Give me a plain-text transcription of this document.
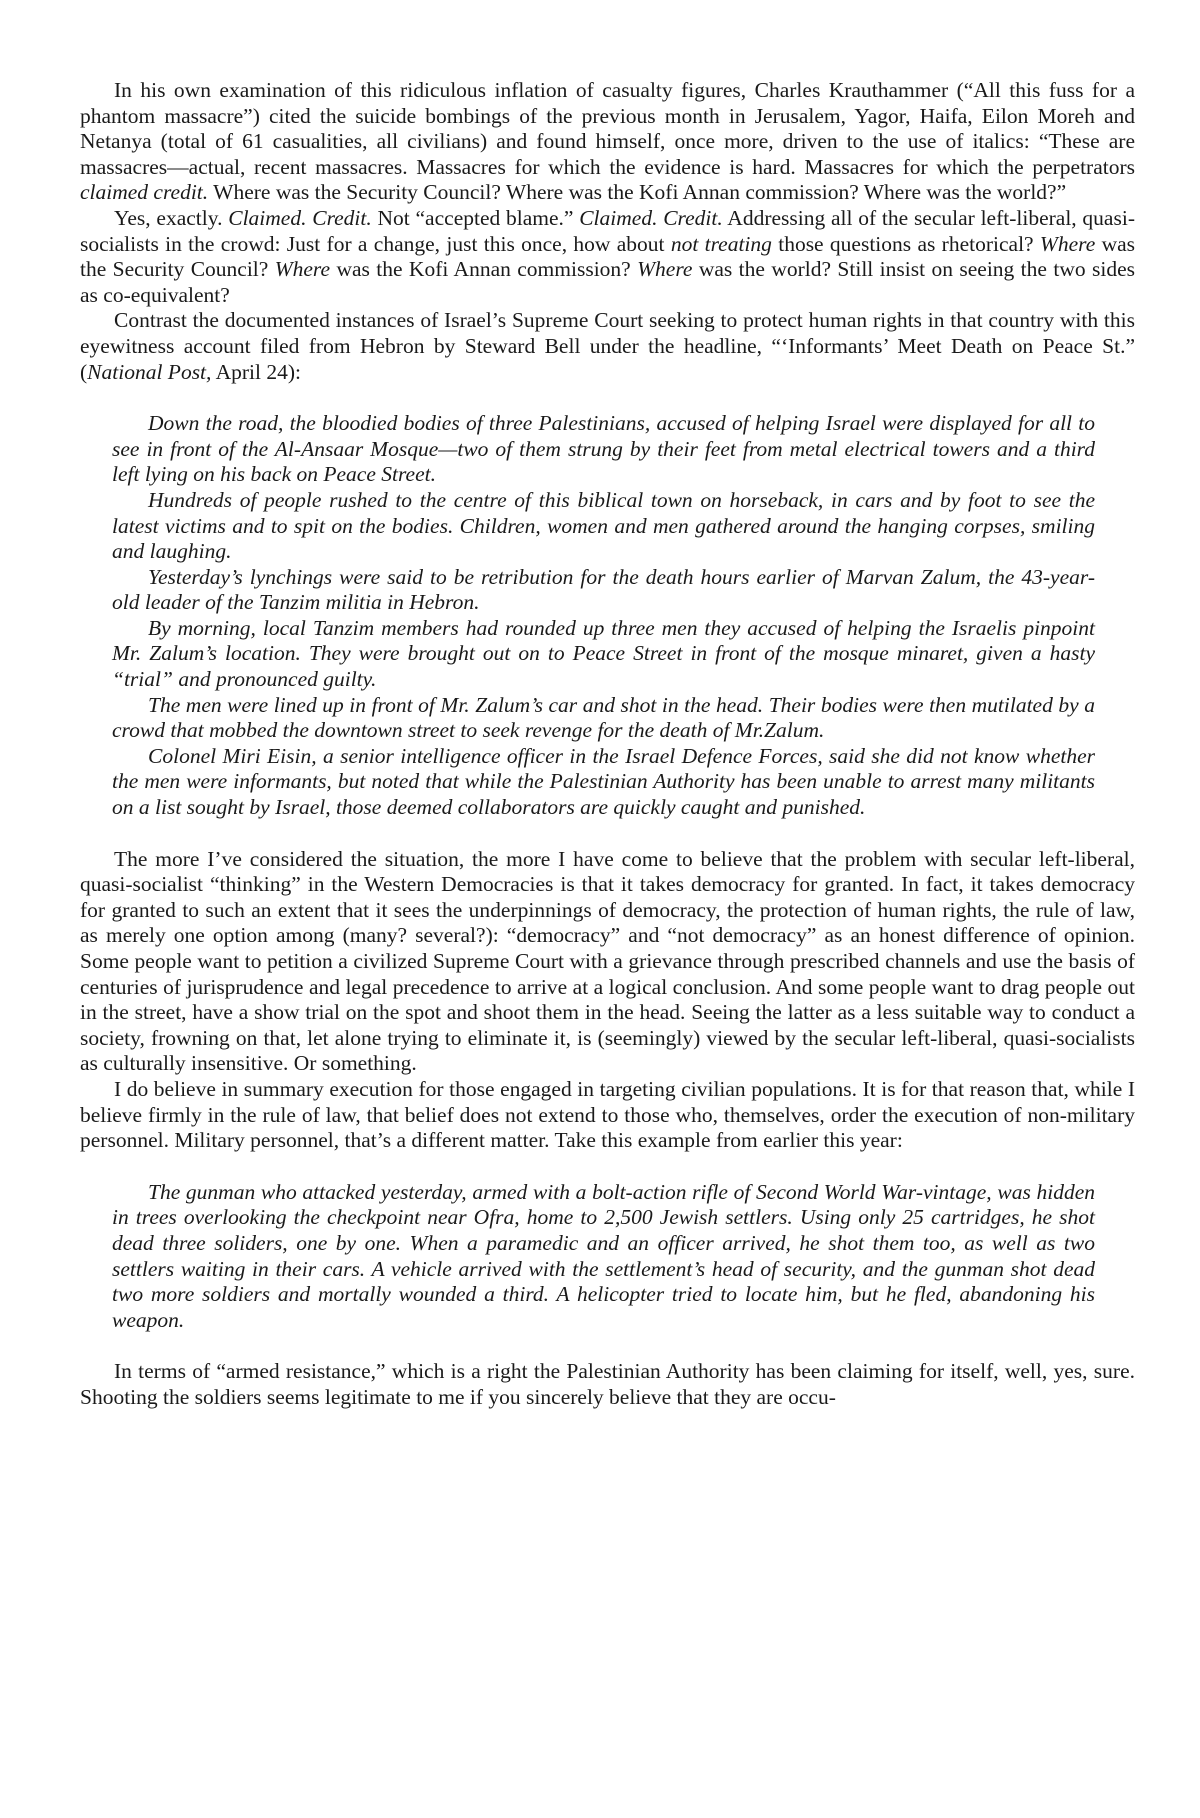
In his own examination of this ridiculous inflation of casualty figures, Charles Krauthammer (“All this fuss for a phantom massacre”) cited the suicide bombings of the previous month in Jerusalem, Yagor, Haifa, Eilon Moreh and Netanya (total of 61 casualities, all civilians) and found himself, once more, driven to the use of italics: “These are massacres—actual, recent massacres. Massacres for which the evidence is hard. Massacres for which the perpetrators claimed credit. Where was the Security Council? Where was the Kofi Annan commission? Where was the world?”

Yes, exactly. Claimed. Credit. Not “accepted blame.” Claimed. Credit. Addressing all of the secular left-liberal, quasi-socialists in the crowd: Just for a change, just this once, how about not treating those questions as rhetorical? Where was the Security Council? Where was the Kofi Annan commission? Where was the world? Still insist on seeing the two sides as co-equivalent?

Contrast the documented instances of Israel’s Supreme Court seeking to protect human rights in that country with this eyewitness account filed from Hebron by Steward Bell under the headline, “‘Informants’ Meet Death on Peace St.” (National Post, April 24):

Down the road, the bloodied bodies of three Palestinians, accused of helping Israel were displayed for all to see in front of the Al-Ansaar Mosque—two of them strung by their feet from metal electrical towers and a third left lying on his back on Peace Street.

Hundreds of people rushed to the centre of this biblical town on horseback, in cars and by foot to see the latest victims and to spit on the bodies. Children, women and men gathered around the hanging corpses, smiling and laughing.

Yesterday’s lynchings were said to be retribution for the death hours earlier of Marvan Zalum, the 43-year-old leader of the Tanzim militia in Hebron.

By morning, local Tanzim members had rounded up three men they accused of helping the Israelis pinpoint Mr. Zalum’s location. They were brought out on to Peace Street in front of the mosque minaret, given a hasty “trial” and pronounced guilty.

The men were lined up in front of Mr. Zalum’s car and shot in the head. Their bodies were then mutilated by a crowd that mobbed the downtown street to seek revenge for the death of Mr.Zalum.

Colonel Miri Eisin, a senior intelligence officer in the Israel Defence Forces, said she did not know whether the men were informants, but noted that while the Palestinian Authority has been unable to arrest many militants on a list sought by Israel, those deemed collaborators are quickly caught and punished.

The more I’ve considered the situation, the more I have come to believe that the problem with secular left-liberal, quasi-socialist “thinking” in the Western Democracies is that it takes democracy for granted. In fact, it takes democracy for granted to such an extent that it sees the underpinnings of democracy, the protection of human rights, the rule of law, as merely one option among (many? several?): “democracy” and “not democracy” as an honest difference of opinion. Some people want to petition a civilized Supreme Court with a grievance through prescribed channels and use the basis of centuries of jurisprudence and legal precedence to arrive at a logical conclusion. And some people want to drag people out in the street, have a show trial on the spot and shoot them in the head. Seeing the latter as a less suitable way to conduct a society, frowning on that, let alone trying to eliminate it, is (seemingly) viewed by the secular left-liberal, quasi-socialists as culturally insensitive. Or something.

I do believe in summary execution for those engaged in targeting civilian populations. It is for that reason that, while I believe firmly in the rule of law, that belief does not extend to those who, themselves, order the execution of non-military personnel. Military personnel, that’s a different matter. Take this example from earlier this year:

The gunman who attacked yesterday, armed with a bolt-action rifle of Second World War-vintage, was hidden in trees overlooking the checkpoint near Ofra, home to 2,500 Jewish settlers. Using only 25 cartridges, he shot dead three soliders, one by one. When a paramedic and an officer arrived, he shot them too, as well as two settlers waiting in their cars. A vehicle arrived with the settlement’s head of security, and the gunman shot dead two more soldiers and mortally wounded a third. A helicopter tried to locate him, but he fled, abandoning his weapon.

In terms of “armed resistance,” which is a right the Palestinian Authority has been claiming for itself, well, yes, sure. Shooting the soldiers seems legitimate to me if you sincerely believe that they are occu-
